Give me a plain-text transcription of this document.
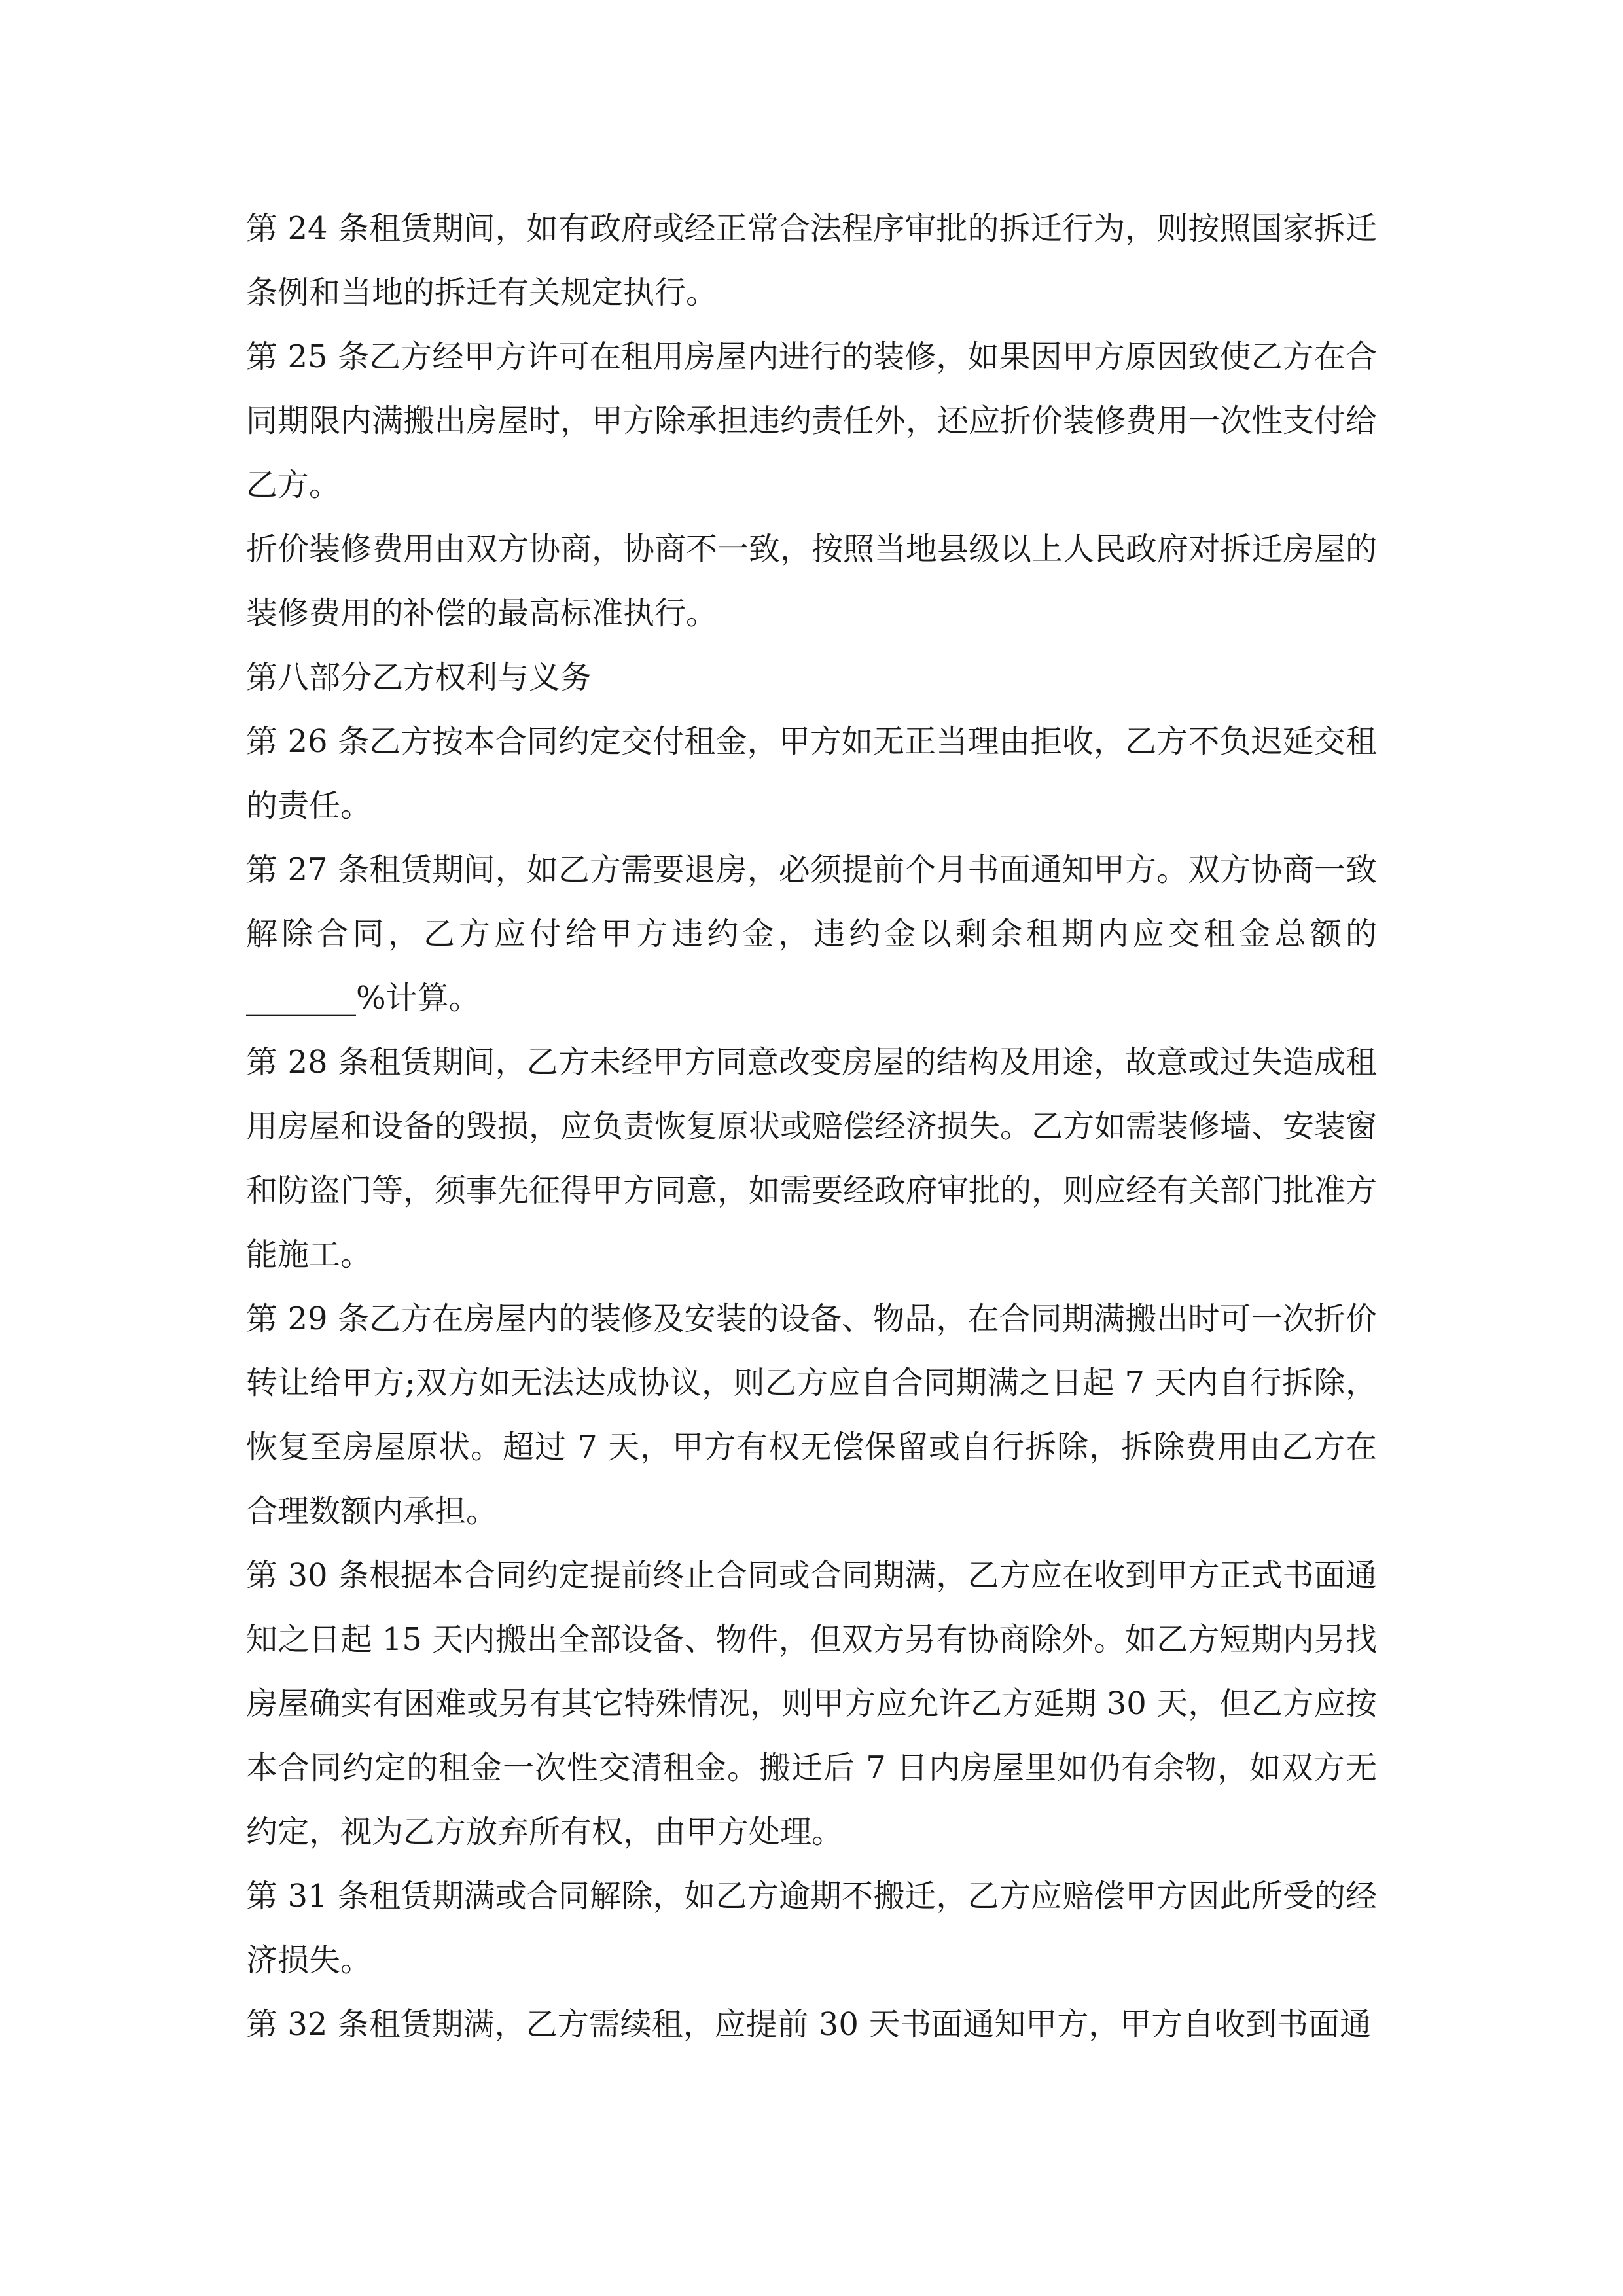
第 24 条租赁期间，如有政府或经正常合法程序审批的拆迁行为，则按照国家拆迁条例和当地的拆迁有关规定执行。

第 25 条乙方经甲方许可在租用房屋内进行的装修，如果因甲方原因致使乙方在合同期限内满搬出房屋时，甲方除承担违约责任外，还应折价装修费用一次性支付给乙方。

折价装修费用由双方协商，协商不一致，按照当地县级以上人民政府对拆迁房屋的装修费用的补偿的最高标准执行。

第八部分乙方权利与义务

第 26 条乙方按本合同约定交付租金，甲方如无正当理由拒收，乙方不负迟延交租的责任。

第 27 条租赁期间，如乙方需要退房，必须提前个月书面通知甲方。双方协商一致解除合同，乙方应付给甲方违约金，违约金以剩余租期内应交租金总额的_______%计算。

第 28 条租赁期间，乙方未经甲方同意改变房屋的结构及用途，故意或过失造成租用房屋和设备的毁损，应负责恢复原状或赔偿经济损失。乙方如需装修墙、安装窗和防盗门等，须事先征得甲方同意，如需要经政府审批的，则应经有关部门批准方能施工。

第 29 条乙方在房屋内的装修及安装的设备、物品，在合同期满搬出时可一次折价转让给甲方;双方如无法达成协议，则乙方应自合同期满之日起 7 天内自行拆除，恢复至房屋原状。超过 7 天，甲方有权无偿保留或自行拆除，拆除费用由乙方在合理数额内承担。

第 30 条根据本合同约定提前终止合同或合同期满，乙方应在收到甲方正式书面通知之日起 15 天内搬出全部设备、物件，但双方另有协商除外。如乙方短期内另找房屋确实有困难或另有其它特殊情况，则甲方应允许乙方延期 30 天，但乙方应按本合同约定的租金一次性交清租金。搬迁后 7 日内房屋里如仍有余物，如双方无约定，视为乙方放弃所有权，由甲方处理。

第 31 条租赁期满或合同解除，如乙方逾期不搬迁，乙方应赔偿甲方因此所受的经济损失。

第 32 条租赁期满，乙方需续租，应提前 30 天书面通知甲方，甲方自收到书面通
